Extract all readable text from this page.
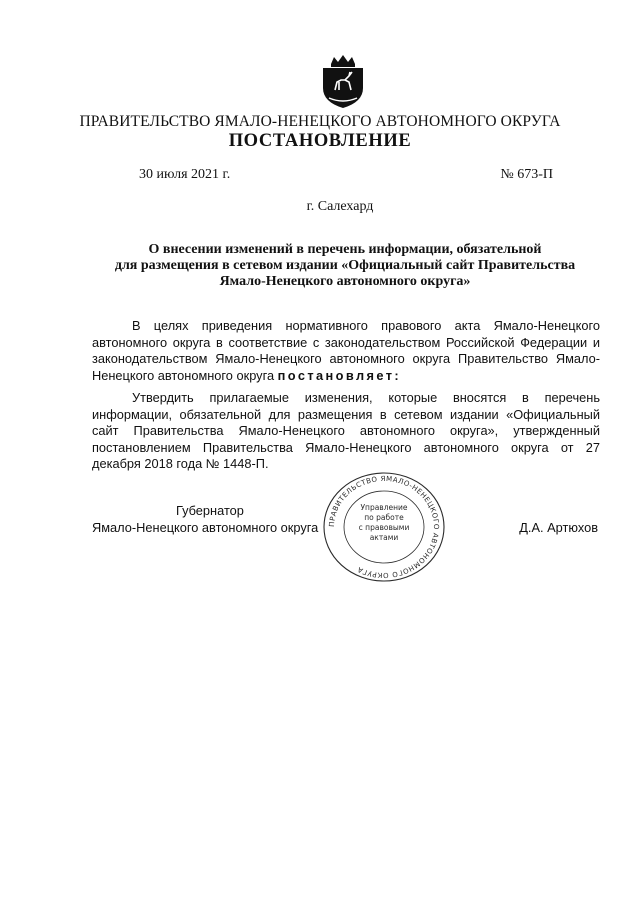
ПРАВИТЕЛЬСТВО ЯМАЛО-НЕНЕЦКОГО АВТОНОМНОГО ОКРУГА
ПОСТАНОВЛЕНИЕ
30 июля 2021 г.	№ 673-П
г. Салехард
О внесении изменений в перечень информации, обязательной
для размещения в сетевом издании «Официальный сайт Правительства
Ямало-Ненецкого автономного округа»
В целях приведения нормативного правового акта Ямало-Ненецкого автономного округа в соответствие с законодательством Российской Федерации и законодательством Ямало-Ненецкого автономного округа Правительство Ямало-Ненецкого автономного округа постановляет:
Утвердить прилагаемые изменения, которые вносятся в перечень информации, обязательной для размещения в сетевом издании «Официальный сайт Правительства Ямало-Ненецкого автономного округа», утвержденный постановлением Правительства Ямало-Ненецкого автономного округа от 27 декабря 2018 года № 1448-П.
Губернатор
Ямало-Ненецкого автономного округа	Д.А. Артюхов
ПРАВИТЕЛЬСТВО ЯМАЛО-НЕНЕЦКОГО АВТОНОМНОГО ОКРУГА
Управление
по работе
с правовыми
актами
